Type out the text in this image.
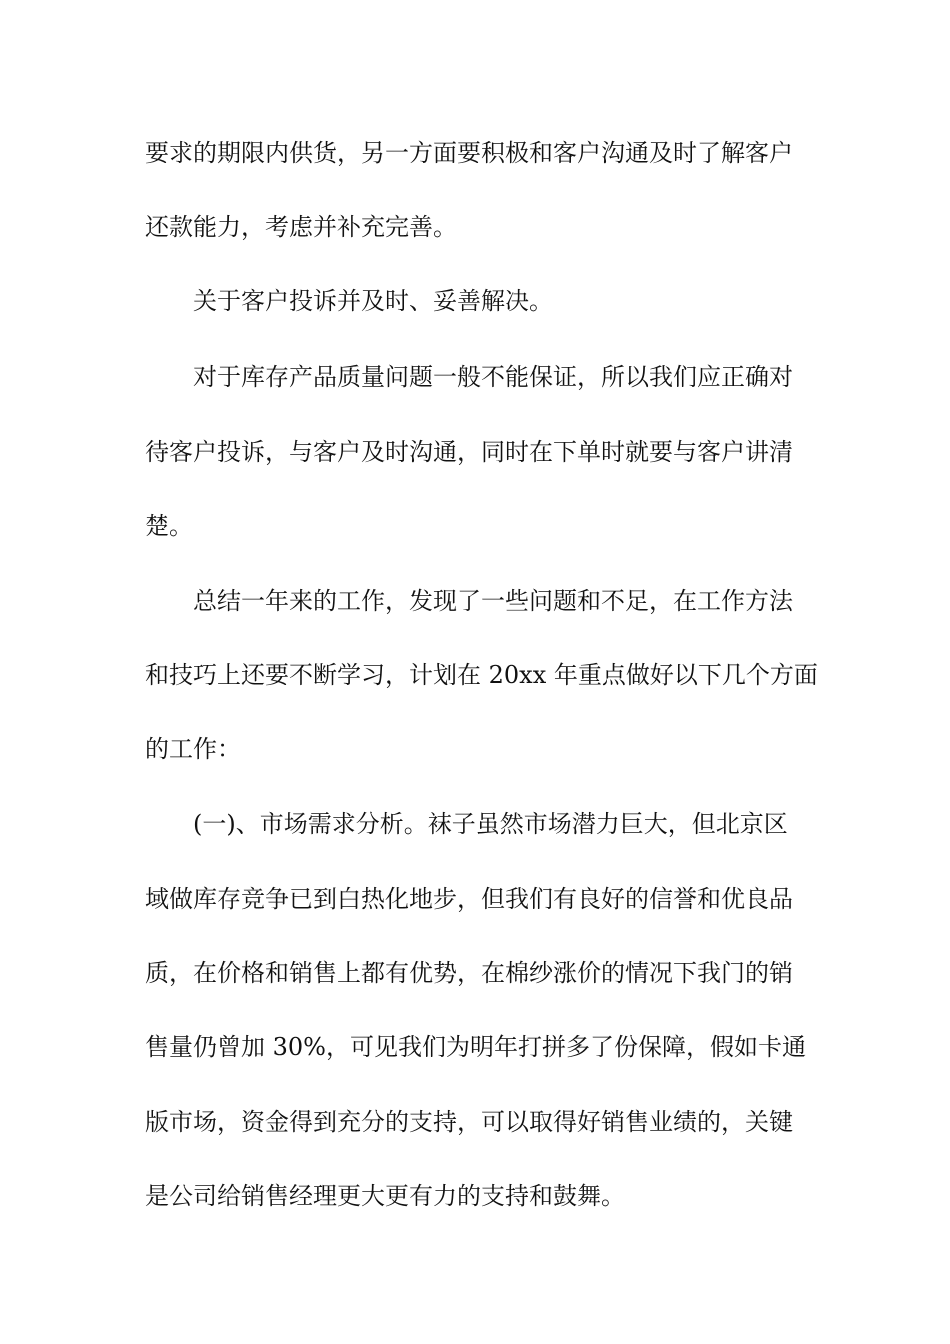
要求的期限内供货，另一方面要积极和客户沟通及时了解客户

还款能力，考虑并补充完善。

关于客户投诉并及时、妥善解决。

对于库存产品质量问题一般不能保证，所以我们应正确对

待客户投诉，与客户及时沟通，同时在下单时就要与客户讲清

楚。

总结一年来的工作，发现了一些问题和不足，在工作方法

和技巧上还要不断学习，计划在 20xx 年重点做好以下几个方面

的工作：

(一)、市场需求分析。袜子虽然市场潜力巨大，但北京区

域做库存竞争已到白热化地步，但我们有良好的信誉和优良品

质，在价格和销售上都有优势，在棉纱涨价的情况下我门的销

售量仍曾加 30%，可见我们为明年打拼多了份保障，假如卡通

版市场，资金得到充分的支持，可以取得好销售业绩的，关键

是公司给销售经理更大更有力的支持和鼓舞。
